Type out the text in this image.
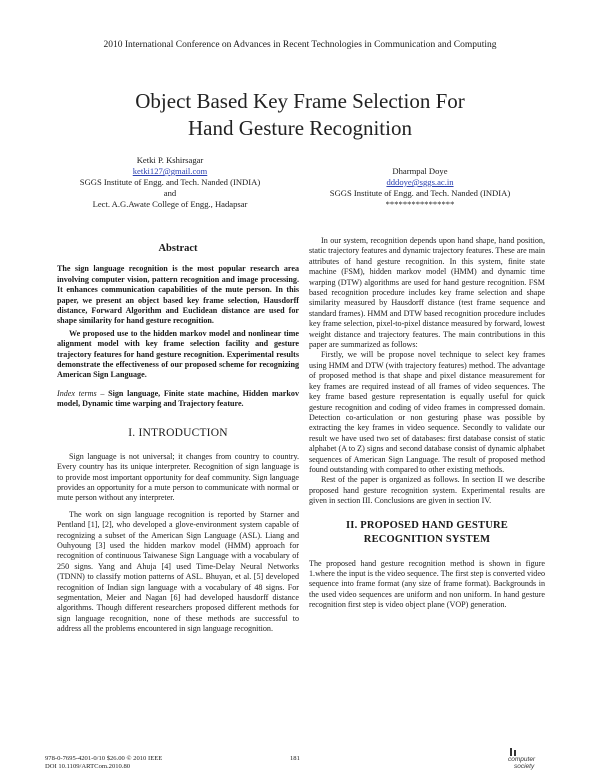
2010 International Conference on Advances in Recent Technologies in Communication and Computing
Object Based Key Frame Selection For
Hand Gesture Recognition
Ketki P. Kshirsagar
ketki127@gmail.com
SGGS Institute of Engg. and Tech. Nanded (INDIA)
and
Lect. A.G.Awate College of Engg., Hadapsar
Dharmpal Doye
dddoye@sggs.ac.in
SGGS Institute of Engg. and Tech. Nanded (INDIA)
****************
Abstract

The sign language recognition is the most popular research area involving computer vision, pattern recognition and image processing. It enhances communication capabilities of the mute person. In this paper, we present an object based key frame selection, Hausdorff distance, Forward Algorithm and Euclidean distance are used for shape similarity for hand gesture recognition.

We proposed use to the hidden markov model and nonlinear time alignment model with key frame selection facility and gesture trajectory features for hand gesture recognition. Experimental results demonstrate the effectiveness of our proposed scheme for recognizing American Sign Language.

Index terms – Sign language, Finite state machine, Hidden markov model, Dynamic time warping and Trajectory feature.

I. INTRODUCTION

Sign language is not universal; it changes from country to country. Every country has its unique interpreter. Recognition of sign language is to provide most important opportunity for deaf community. Sign language provides an opportunity for a mute person to communicate with normal or mute person without any interpreter.

The work on sign language recognition is reported by Starner and Pentland [1], [2], who developed a glove-environment system capable of recognizing a subset of the American Sign Language (ASL). Liang and Ouhyoung [3] used the hidden markov model (HMM) approach for recognition of continuous Taiwanese Sign Language with a vocabulary of 250 signs. Yang and Ahuja [4] used Time-Delay Neural Networks (TDNN) to classify motion patterns of ASL. Bhuyan, et al. [5] developed recognition of Indian sign language with a vocabulary of 48 signs. For segmentation, Meier and Nagan [6] had developed hausdorff distance algorithms. Though different researchers proposed different methods for sign language recognition, none of these methods are successful to address all the problems encountered in sign language recognition.

In our system, recognition depends upon hand shape, hand position, static trajectory features and dynamic trajectory features. These are main attributes of hand gesture recognition. In this system, finite state machine (FSM), hidden markov model (HMM) and dynamic time warping (DTW) algorithms are used for hand gesture recognition. FSM based recognition procedure includes key frame selection and shape similarity measured by Hausdorff distance (test frame sequence and standard frames). HMM and DTW based recognition procedure includes key frame selection, pixel-to-pixel distance measured by forward, lowest weight distance and trajectory features. The main contributions in this paper are summarized as follows:

Firstly, we will be propose novel technique to select key frames using HMM and DTW (with trajectory features) method. The advantage of proposed method is that shape and pixel distance measurement for key frames are required instead of all frames of video sequences. The key frame based gesture representation is equally useful for quick gesture recognition and coding of video frames in compressed domain. Detection co-articulation or non gesturing phase was possible by extracting the key frames in video sequence. Secondly to validate our result we have used two set of databases: first database consist of static alphabet (A to Z) signs and second database consist of dynamic alphabet sequences of American Sign Language. The result of proposed method found outstanding with compared to other existing methods.

Rest of the paper is organized as follows. In section II we describe proposed hand gesture recognition system. Experimental results are given in section III. Conclusions are given in section IV.

II. PROPOSED HAND GESTURE
RECOGNITION SYSTEM

The proposed hand gesture recognition method is shown in figure 1.where the input is the video sequence. The first step is converted video sequence into frame format (any size of frame format). Backgrounds in the used video sequences are uniform and non uniform. In hand gesture recognition first step is video object plane (VOP) generation.

978-0-7695-4201-0/10 $26.00 © 2010 IEEE
DOI 10.1109/ARTCom.2010.80
181	computer
society
